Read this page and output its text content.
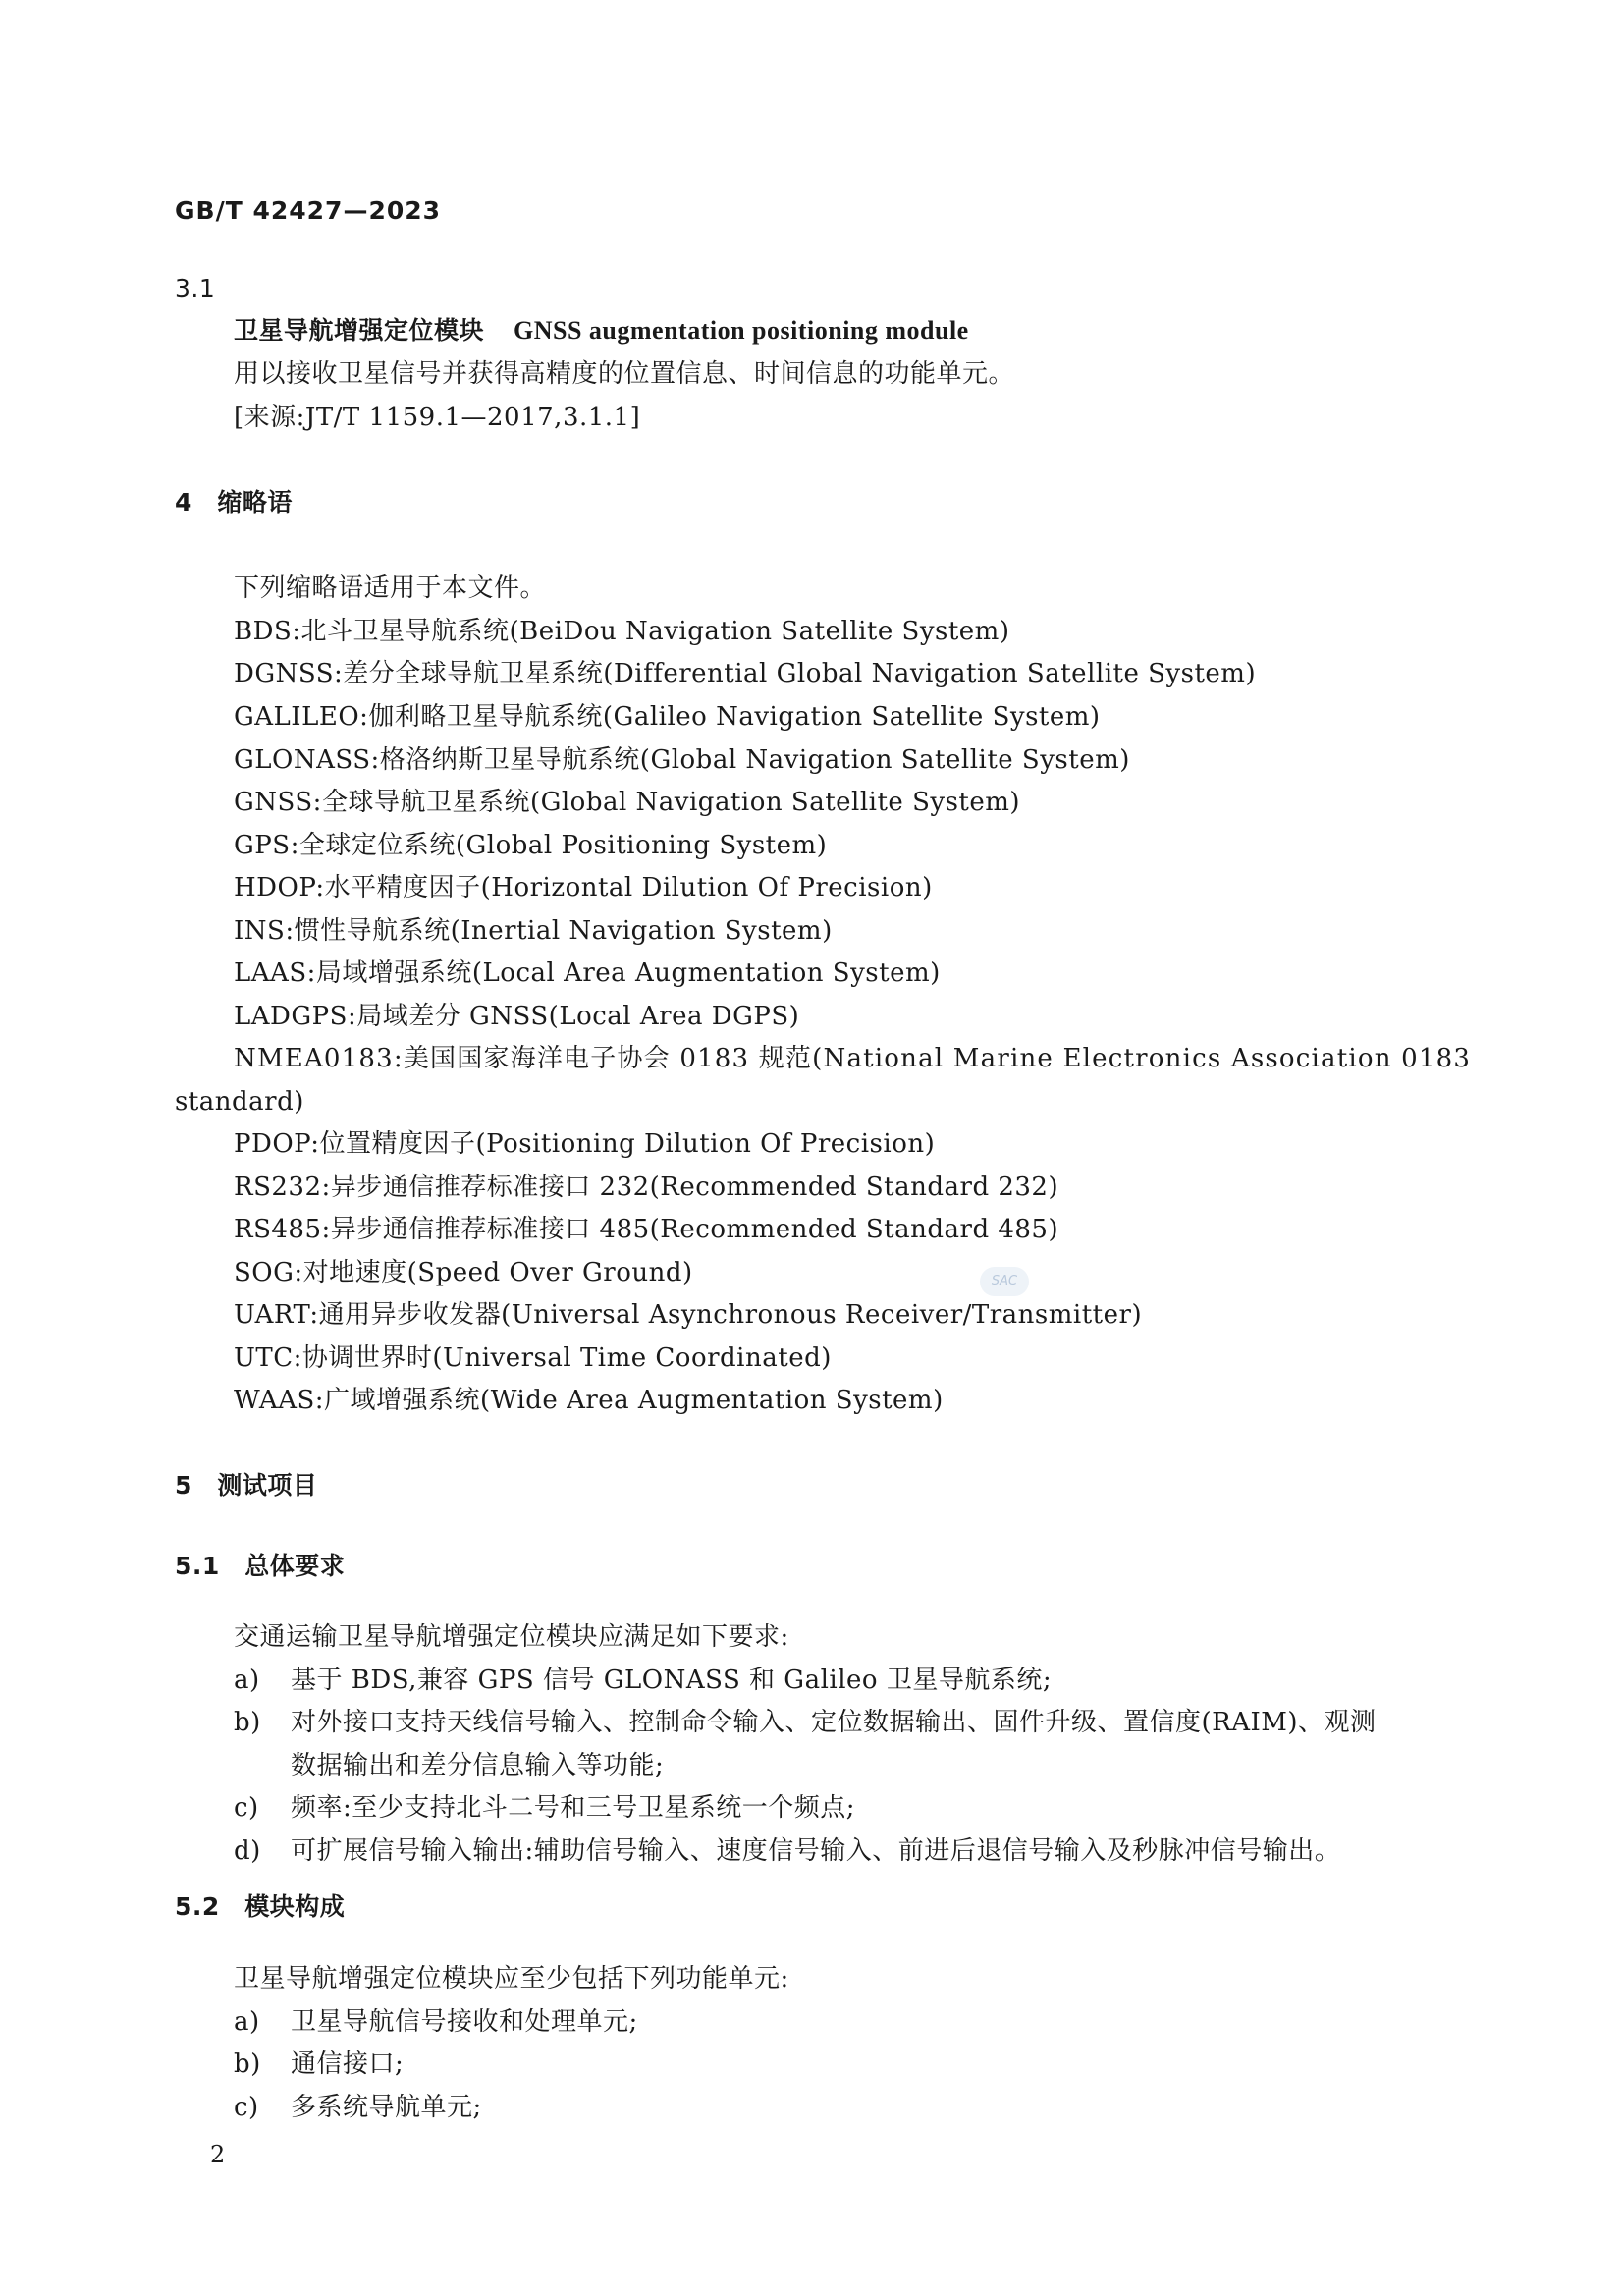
GB/T 42427—2023
3.1
卫星导航增强定位模块 GNSS augmentation positioning module
用以接收卫星信号并获得高精度的位置信息、时间信息的功能单元。
[来源:JT/T 1159.1—2017,3.1.1]
4　缩略语
下列缩略语适用于本文件。
BDS:北斗卫星导航系统(BeiDou Navigation Satellite System)
DGNSS:差分全球导航卫星系统(Differential Global Navigation Satellite System)
GALILEO:伽利略卫星导航系统(Galileo Navigation Satellite System)
GLONASS:格洛纳斯卫星导航系统(Global Navigation Satellite System)
GNSS:全球导航卫星系统(Global Navigation Satellite System)
GPS:全球定位系统(Global Positioning System)
HDOP:水平精度因子(Horizontal Dilution Of Precision)
INS:惯性导航系统(Inertial Navigation System)
LAAS:局域增强系统(Local Area Augmentation System)
LADGPS:局域差分 GNSS(Local Area DGPS)
NMEA0183:美国国家海洋电子协会 0183 规范(National Marine Electronics Association 0183
standard)
PDOP:位置精度因子(Positioning Dilution Of Precision)
RS232:异步通信推荐标准接口 232(Recommended Standard 232)
RS485:异步通信推荐标准接口 485(Recommended Standard 485)
SOG:对地速度(Speed Over Ground)
UART:通用异步收发器(Universal Asynchronous Receiver/Transmitter)
UTC:协调世界时(Universal Time Coordinated)
WAAS:广域增强系统(Wide Area Augmentation System)
5　测试项目
5.1　总体要求
交通运输卫星导航增强定位模块应满足如下要求:
a) 基于 BDS,兼容 GPS 信号 GLONASS 和 Galileo 卫星导航系统;
b) 对外接口支持天线信号输入、控制命令输入、定位数据输出、固件升级、置信度(RAIM)、观测
数据输出和差分信息输入等功能;
c) 频率:至少支持北斗二号和三号卫星系统一个频点;
d) 可扩展信号输入输出:辅助信号输入、速度信号输入、前进后退信号输入及秒脉冲信号输出。
5.2　模块构成
卫星导航增强定位模块应至少包括下列功能单元:
a) 卫星导航信号接收和处理单元;
b) 通信接口;
c) 多系统导航单元;
2
SAC
